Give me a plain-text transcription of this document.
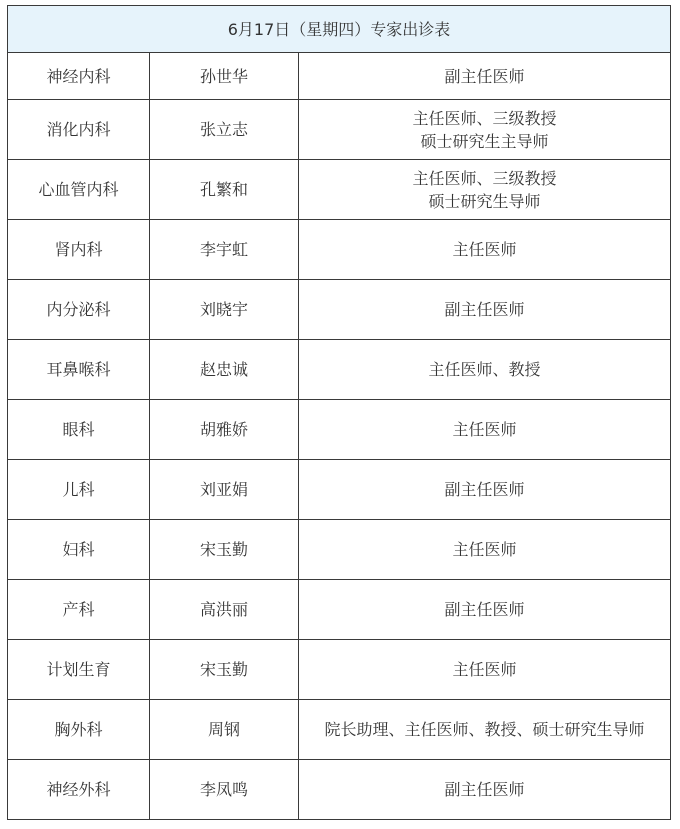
6月17日（星期四）专家出诊表		
神经内科	孙世华	副主任医师

消化内科	张立志	主任医师、三级教授
硕士研究生主导师

心血管内科	孔繁和	主任医师、三级教授
硕士研究生导师

肾内科	李宇虹	主任医师

内分泌科	刘晓宇	副主任医师

耳鼻喉科	赵忠诚	主任医师、教授

眼科	胡雅娇	主任医师

儿科	刘亚娟	副主任医师

妇科	宋玉勤	主任医师

产科	高洪丽	副主任医师

计划生育	宋玉勤	主任医师

胸外科	周钢	院长助理、主任医师、教授、硕士研究生导师

神经外科	李凤鸣	副主任医师
